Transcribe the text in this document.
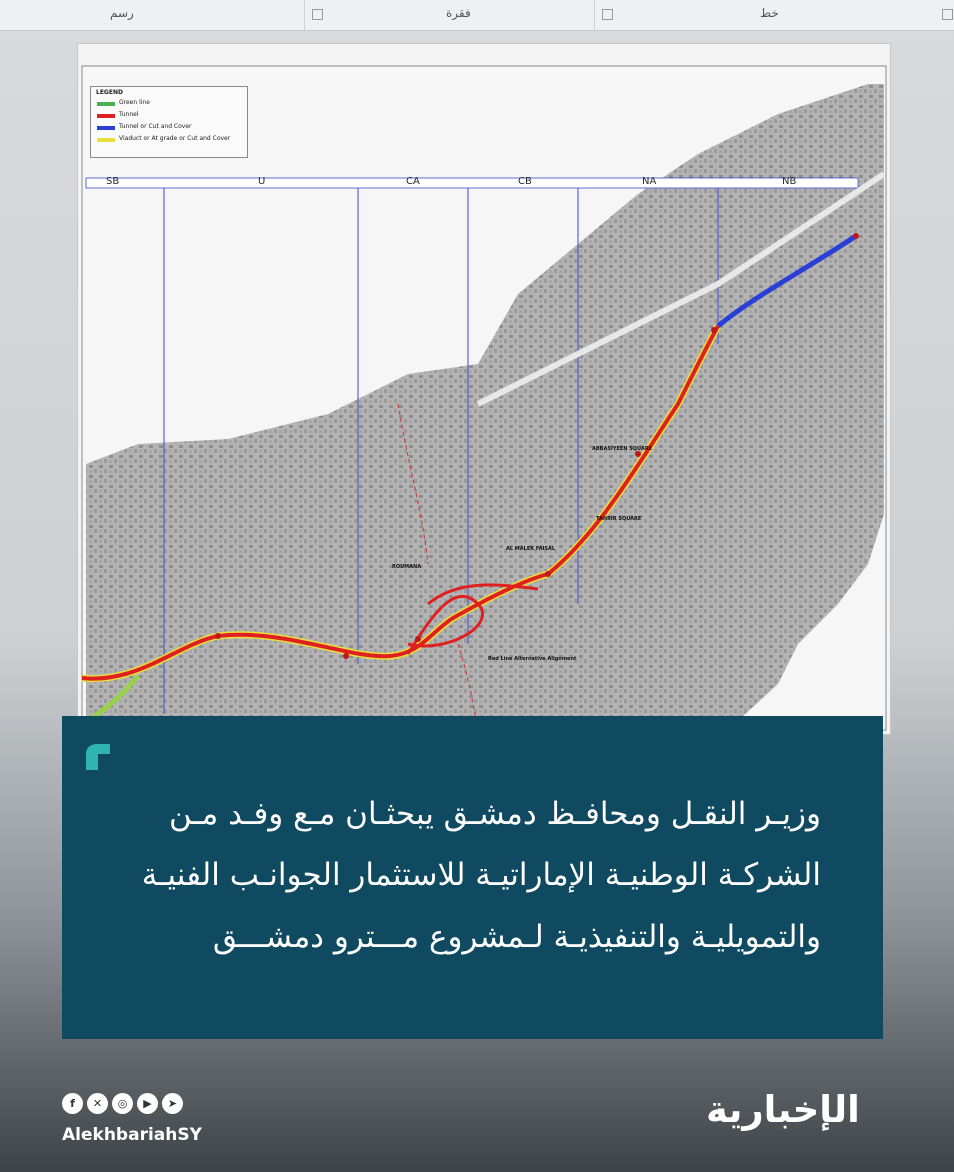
خط
فقرة
رسم
LEGEND
Green line
Tunnel
Tunnel or Cut and Cover
Viaduct or At grade or Cut and Cover
SB	U	CA	CB	NA	NB
AL MALEK FAISAL
ABBASIYEEN SQUARE
TAHRIR SQUARE
ROUMANA
Red Line Alternative Alignment
وزيـر النقـل ومحافـظ دمشـق يبحثـان مـع وفـد مـن
الشركـة الوطنيـة الإماراتيـة للاستثمار الجوانـب الفنيـة
والتمويليـة والتنفيذيـة لـمشروع مـــترو دمشـــق
f	✕	◎	▶	➤
AlekhbariahSY
الإخبارية
